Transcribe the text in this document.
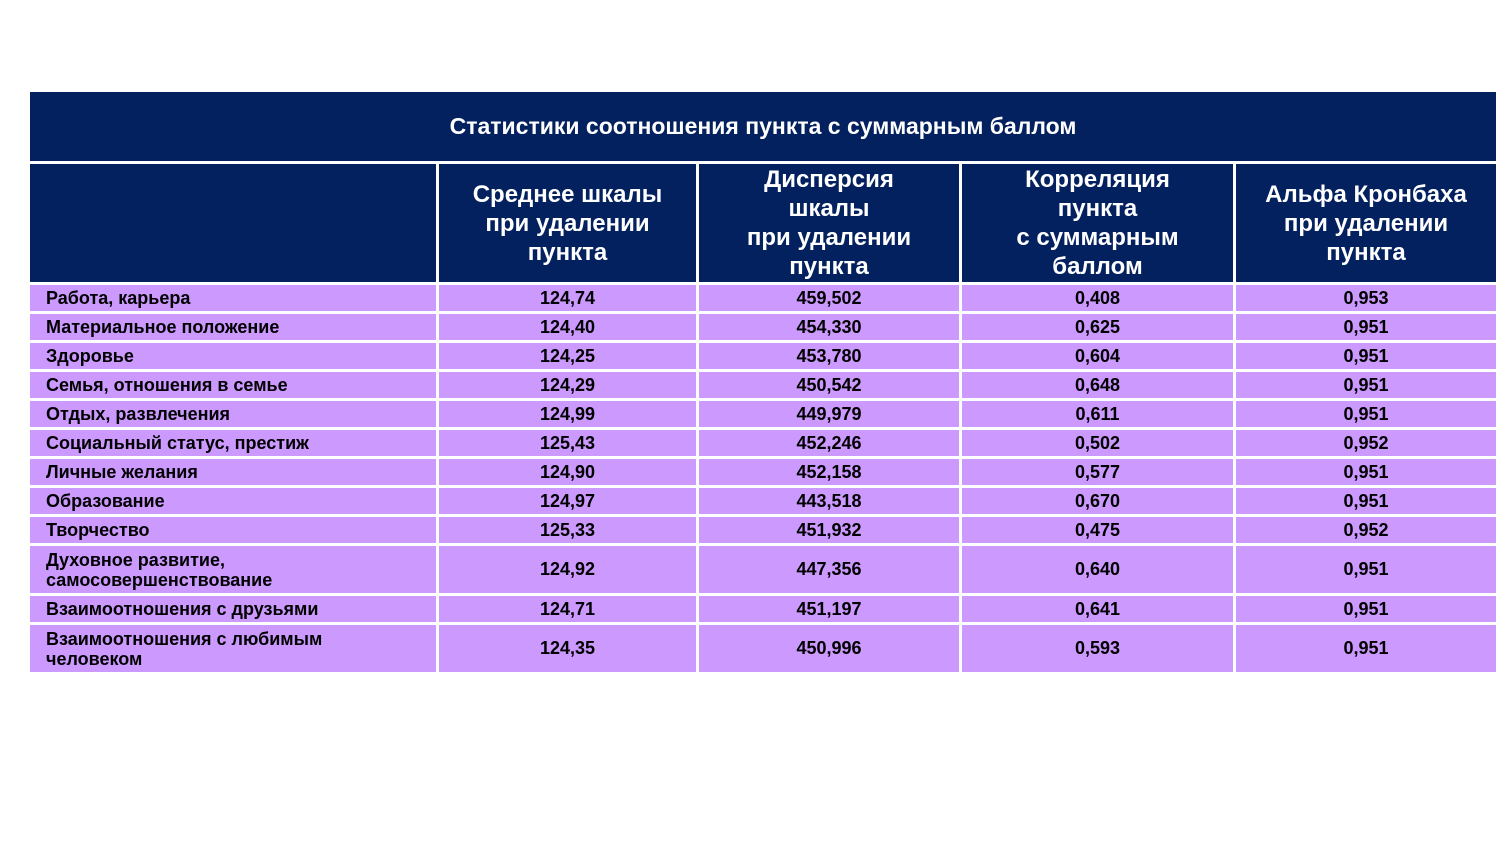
Статистики соотношения пункта с суммарным баллом				
	Среднее шкалы
при удалении
пункта	Дисперсия
шкалы
при удалении
пункта	Корреляция
пункта
с суммарным
баллом	Альфа Кронбаха
при удалении
пункта
Работа, карьера	124,74	459,502	0,408	0,953
Материальное положение	124,40	454,330	0,625	0,951
Здоровье	124,25	453,780	0,604	0,951
Семья, отношения в семье	124,29	450,542	0,648	0,951
Отдых, развлечения	124,99	449,979	0,611	0,951
Социальный статус, престиж	125,43	452,246	0,502	0,952
Личные желания	124,90	452,158	0,577	0,951
Образование	124,97	443,518	0,670	0,951
Творчество	125,33	451,932	0,475	0,952
Духовное развитие,
самосовершенствование	124,92	447,356	0,640	0,951
Взаимоотношения с друзьями	124,71	451,197	0,641	0,951
Взаимоотношения с любимым
человеком	124,35	450,996	0,593	0,951
